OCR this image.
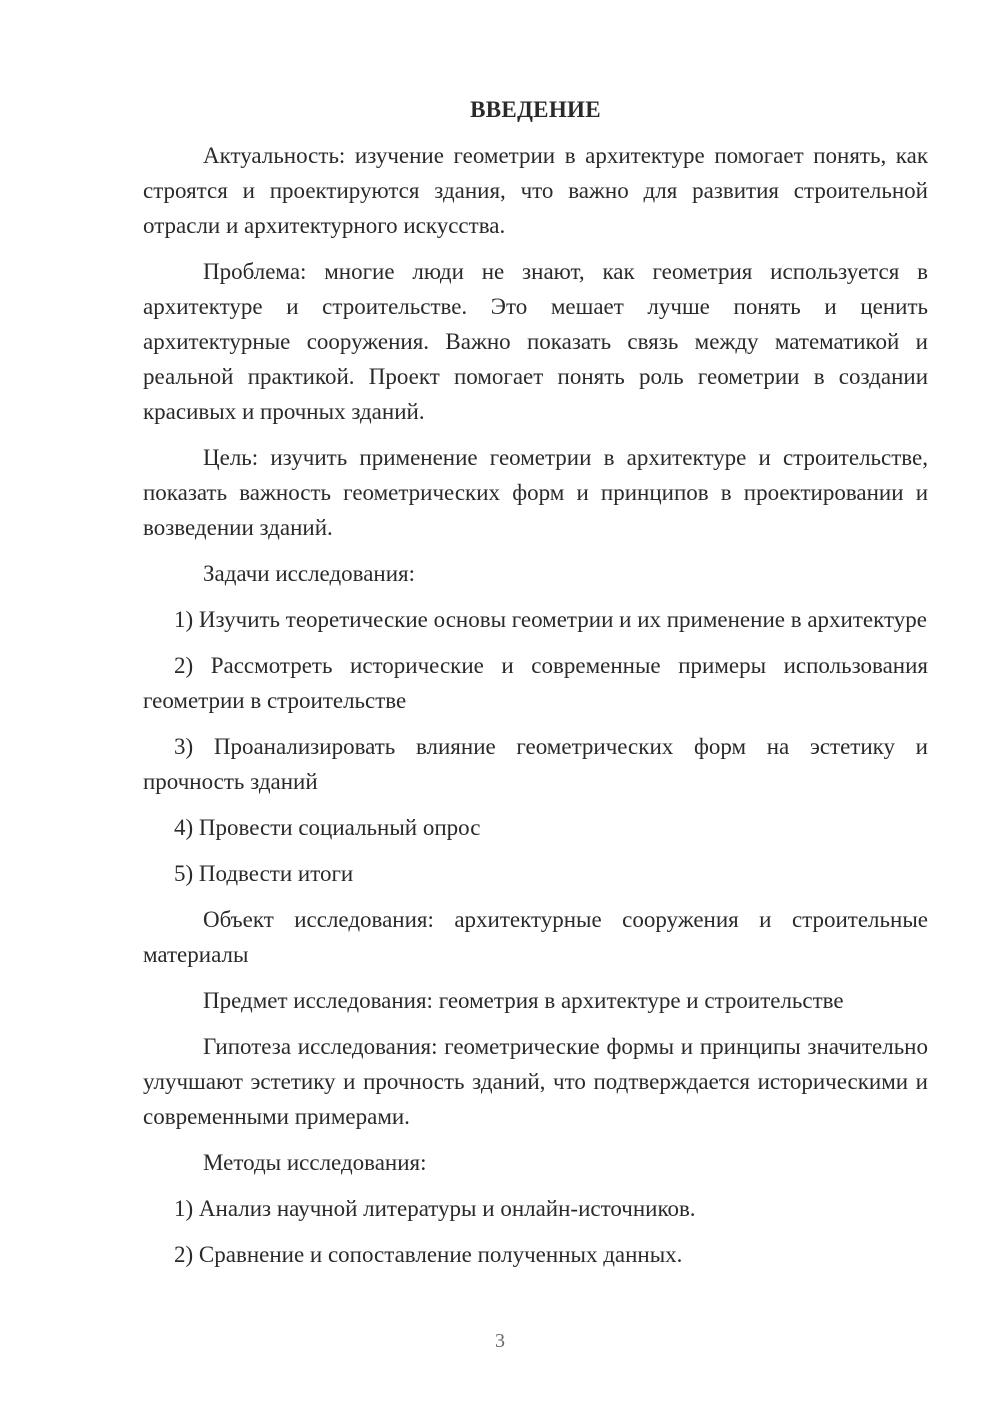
ВВЕДЕНИЕ

Актуальность: изучение геометрии в архитектуре помогает понять, как строятся и проектируются здания, что важно для развития строительной отрасли и архитектурного искусства.

Проблема: многие люди не знают, как геометрия используется в архитектуре и строительстве. Это мешает лучше понять и ценить архитектурные сооружения. Важно показать связь между математикой и реальной практикой. Проект помогает понять роль геометрии в создании красивых и прочных зданий.

Цель: изучить применение геометрии в архитектуре и строительстве, показать важность геометрических форм и принципов в проектировании и возведении зданий.

Задачи исследования:

1) Изучить теоретические основы геометрии и их применение в архитектуре

2) Рассмотреть исторические и современные примеры использования геометрии в строительстве

3) Проанализировать влияние геометрических форм на эстетику и прочность зданий

4) Провести социальный опрос

5) Подвести итоги

Объект исследования: архитектурные сооружения и строительные материалы

Предмет исследования: геометрия в архитектуре и строительстве

Гипотеза исследования: геометрические формы и принципы значительно улучшают эстетику и прочность зданий, что подтверждается историческими и современными примерами.

Методы исследования:

1) Анализ научной литературы и онлайн-источников.

2) Сравнение и сопоставление полученных данных.

3
